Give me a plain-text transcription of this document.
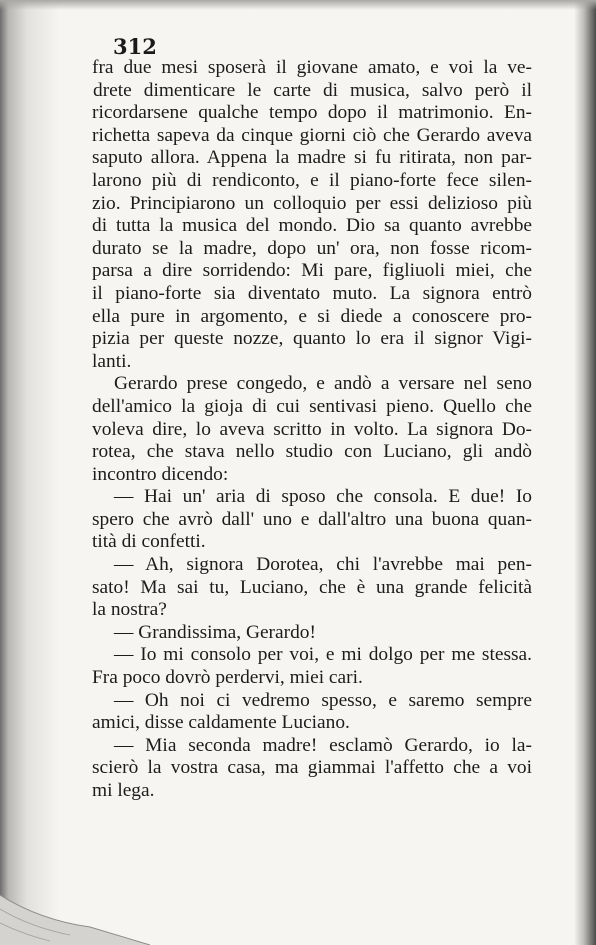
312
fra due mesi sposerà il giovane amato, e voi la ve-
drete dimenticare le carte di musica, salvo però il
ricordarsene qualche tempo dopo il matrimonio. En-
richetta sapeva da cinque giorni ciò che Gerardo aveva
saputo allora. Appena la madre si fu ritirata, non par-
larono più di rendiconto, e il piano-forte fece silen-
zio. Principiarono un colloquio per essi delizioso più
di tutta la musica del mondo. Dio sa quanto avrebbe
durato se la madre, dopo un' ora, non fosse ricom-
parsa a dire sorridendo: Mi pare, figliuoli miei, che
il piano-forte sia diventato muto. La signora entrò
ella pure in argomento, e si diede a conoscere pro-
pizia per queste nozze, quanto lo era il signor Vigi-
lanti.
Gerardo prese congedo, e andò a versare nel seno
dell'amico la gioja di cui sentivasi pieno. Quello che
voleva dire, lo aveva scritto in volto. La signora Do-
rotea, che stava nello studio con Luciano, gli andò
incontro dicendo:
— Hai un' aria di sposo che consola. E due! Io
spero che avrò dall' uno e dall'altro una buona quan-
tità di confetti.
— Ah, signora Dorotea, chi l'avrebbe mai pen-
sato! Ma sai tu, Luciano, che è una grande felicità
la nostra?
— Grandissima, Gerardo!
— Io mi consolo per voi, e mi dolgo per me stessa.
Fra poco dovrò perdervi, miei cari.
— Oh noi ci vedremo spesso, e saremo sempre
amici, disse caldamente Luciano.
— Mia seconda madre! esclamò Gerardo, io la-
scierò la vostra casa, ma giammai l'affetto che a voi
mi lega.
